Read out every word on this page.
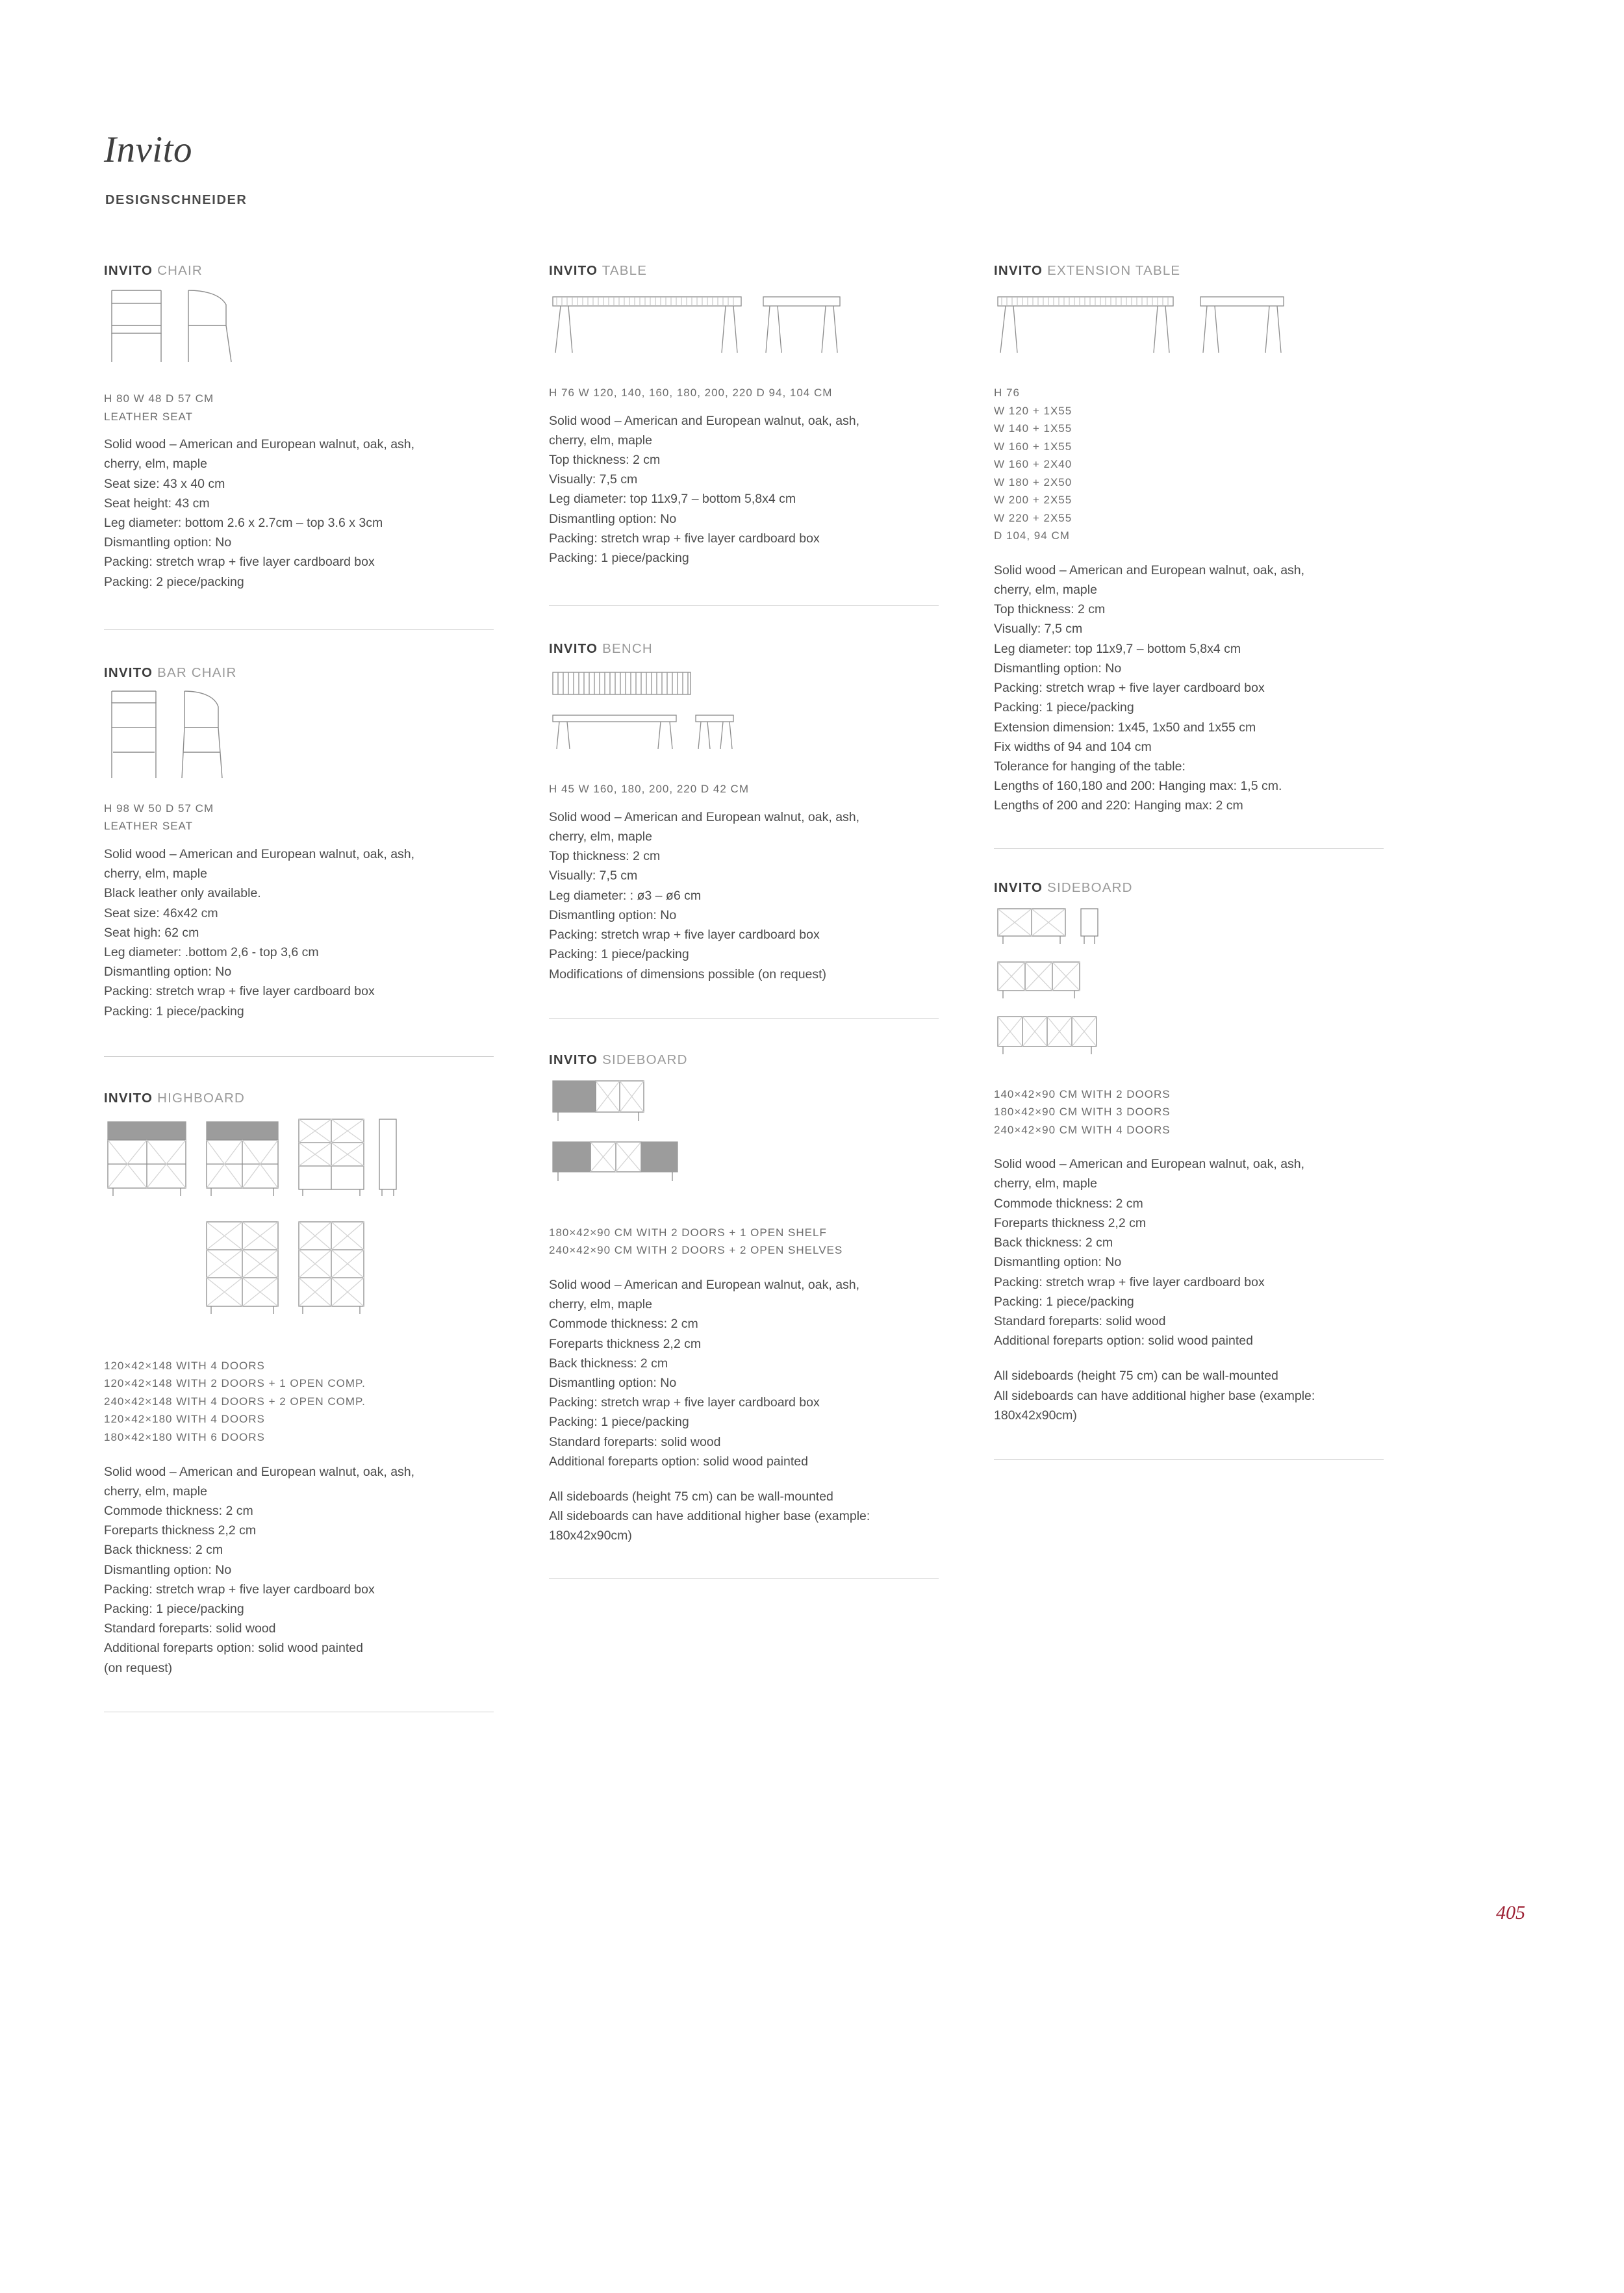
Invito
DESIGNSCHNEIDER
INVITO CHAIR
H 80 W 48 D 57 CM
LEATHER SEAT
Solid wood – American and European walnut, oak, ash,
cherry, elm, maple
Seat size: 43 x 40 cm
Seat height: 43 cm
Leg diameter: bottom 2.6 x 2.7cm – top 3.6 x 3cm
Dismantling option: No
Packing: stretch wrap + five layer cardboard box
Packing: 2 piece/packing
INVITO BAR CHAIR
H 98 W 50 D 57 CM
LEATHER SEAT
Solid wood – American and European walnut, oak, ash,
cherry, elm, maple
Black leather only available.
Seat size: 46x42 cm
Seat high: 62 cm
Leg diameter: .bottom 2,6 - top 3,6 cm
Dismantling option: No
Packing: stretch wrap + five layer cardboard box
Packing: 1 piece/packing
INVITO HIGHBOARD
120×42×148 WITH 4 DOORS
120×42×148 WITH 2 DOORS + 1 OPEN COMP.
240×42×148 WITH 4 DOORS + 2 OPEN COMP.
120×42×180 WITH 4 DOORS
180×42×180 WITH 6 DOORS
Solid wood – American and European walnut, oak, ash,
cherry, elm, maple
Commode thickness: 2 cm
Foreparts thickness 2,2 cm
Back thickness: 2 cm
Dismantling option: No
Packing: stretch wrap + five layer cardboard box
Packing: 1 piece/packing
Standard foreparts: solid wood
Additional foreparts option: solid wood painted
(on request)
INVITO TABLE
H 76 W 120, 140, 160, 180, 200, 220 D 94, 104 CM
Solid wood – American and European walnut, oak, ash,
cherry, elm, maple
Top thickness: 2 cm
Visually: 7,5 cm
Leg diameter: top 11x9,7 – bottom 5,8x4 cm
Dismantling option: No
Packing: stretch wrap + five layer cardboard box
Packing: 1 piece/packing
INVITO BENCH
H 45 W 160, 180, 200, 220 D 42 CM
Solid wood – American and European walnut, oak, ash,
cherry, elm, maple
Top thickness: 2 cm
Visually: 7,5 cm
Leg diameter: : ø3 – ø6 cm
Dismantling option: No
Packing: stretch wrap + five layer cardboard box
Packing: 1 piece/packing
Modifications of dimensions possible (on request)
INVITO SIDEBOARD
180×42×90 CM WITH 2 DOORS + 1 OPEN SHELF
240×42×90 CM WITH 2 DOORS + 2 OPEN SHELVES
Solid wood – American and European walnut, oak, ash,
cherry, elm, maple
Commode thickness: 2 cm
Foreparts thickness 2,2 cm
Back thickness: 2 cm
Dismantling option: No
Packing: stretch wrap + five layer cardboard box
Packing: 1 piece/packing
Standard foreparts: solid wood
Additional foreparts option: solid wood painted
All sideboards (height 75 cm) can be wall-mounted
All sideboards can have additional higher base (example:
180x42x90cm)
INVITO EXTENSION TABLE
H 76
W 120 + 1X55
W 140 + 1X55
W 160 + 1X55
W 160 + 2X40
W 180 + 2X50
W 200 + 2X55
W 220 + 2X55
D 104, 94 CM
Solid wood – American and European walnut, oak, ash,
cherry, elm, maple
Top thickness: 2 cm
Visually: 7,5 cm
Leg diameter: top 11x9,7 – bottom 5,8x4 cm
Dismantling option: No
Packing: stretch wrap + five layer cardboard box
Packing: 1 piece/packing
Extension dimension: 1x45, 1x50 and 1x55 cm
Fix widths of 94 and 104 cm
Tolerance for hanging of the table:
Lengths of 160,180 and 200: Hanging max: 1,5 cm.
Lengths of 200 and 220: Hanging max: 2 cm
INVITO SIDEBOARD
140×42×90 CM WITH 2 DOORS
180×42×90 CM WITH 3 DOORS
240×42×90 CM WITH 4 DOORS
Solid wood – American and European walnut, oak, ash,
cherry, elm, maple
Commode thickness: 2 cm
Foreparts thickness 2,2 cm
Back thickness: 2 cm
Dismantling option: No
Packing: stretch wrap + five layer cardboard box
Packing: 1 piece/packing
Standard foreparts: solid wood
Additional foreparts option: solid wood painted
All sideboards (height 75 cm) can be wall-mounted
All sideboards can have additional higher base (example:
180x42x90cm)
405
